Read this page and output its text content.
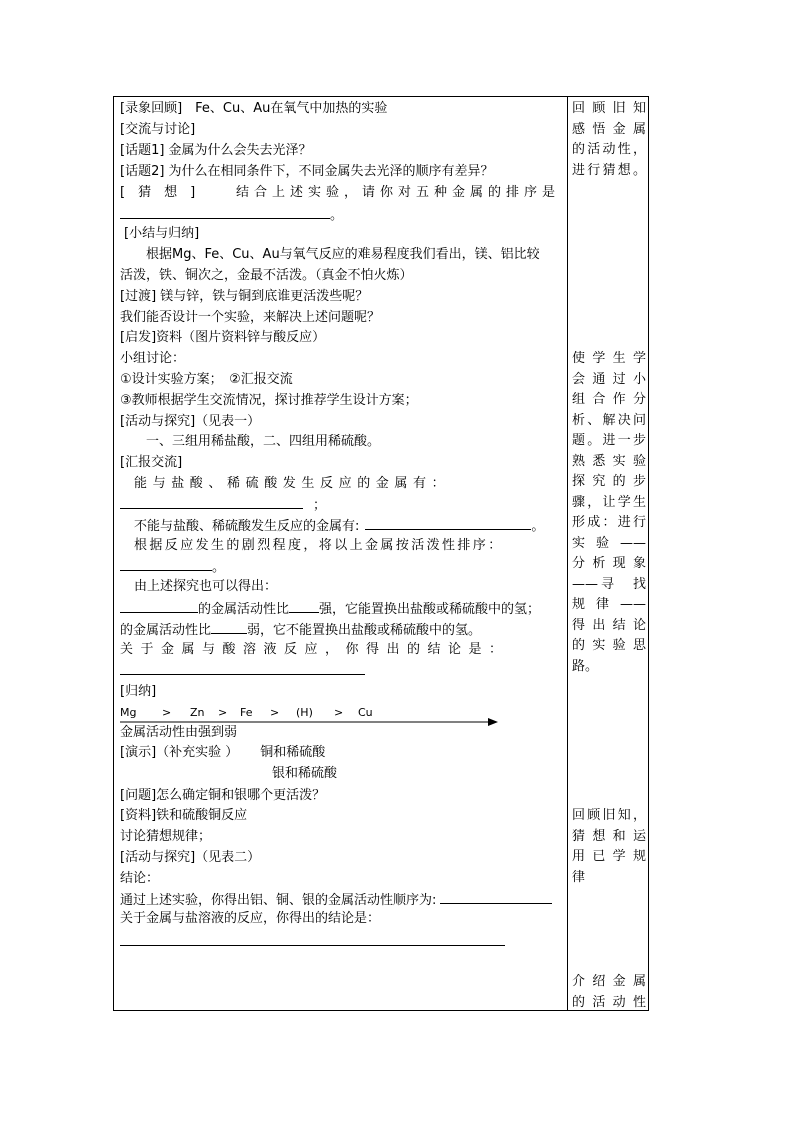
[录象回顾]　Fe、Cu、Au在氧气中加热的实验
[交流与讨论]
[话题1] 金属为什么会失去光泽？
[话题2] 为什么在相同条件下，不同金属失去光泽的顺序有差异？
[　猜　想　]	结合上述实验，请你对五种金属的排序是
。
[小结与归纳]
根据Mg、Fe、Cu、Au与氧气反应的难易程度我们看出，镁、铝比较
活泼，铁、铜次之，金最不活泼。（真金不怕火炼）
[过渡] 镁与锌，铁与铜到底谁更活泼些呢？
我们能否设计一个实验，来解决上述问题呢？
[启发]资料（图片资料锌与酸反应）
小组讨论：
①设计实验方案；　②汇报交流
③教师根据学生交流情况，探讨推荐学生设计方案；
[活动与探究]（见表一）
一、三组用稀盐酸，二、四组用稀硫酸。
[汇报交流]
能与盐酸、稀硫酸发生反应的金属有：
；
不能与盐酸、稀硫酸发生反应的金属有:	。
根据反应发生的剧烈程度，将以上金属按活泼性排序：
。
由上述探究也可以得出：
的金属活动性比 强，它能置换出盐酸或稀硫酸中的氢；
的金属活动性比	弱，它不能置换出盐酸或稀硫酸中的氢。
关于金属与酸溶液反应，你得出的结论是：
[归纳]
Mg > Zn > Fe > (H) > Cu
金属活动性由强到弱
[演示]（补充实验 ） 铜和稀硫酸
银和稀硫酸
[问题]怎么确定铜和银哪个更活泼？
[资料]铁和硫酸铜反应
讨论猜想规律；
[活动与探究]（见表二）
结论：
通过上述实验，你得出铝、铜、银的金属活动性顺序为:
关于金属与盐溶液的反应，你得出的结论是：
回顾旧知
感悟金属
的活动性，
进行猜想。
使学生学
会通过小
组合作分
析、解决问
题。进一步
熟悉实验
探究的步
骤，让学生
形成：进行
实验——
分析现象
——寻　找
规律——
得出结论
的实验思
路。
回顾旧知，
猜想和运
用已学规
律
介绍金属
的活动性
